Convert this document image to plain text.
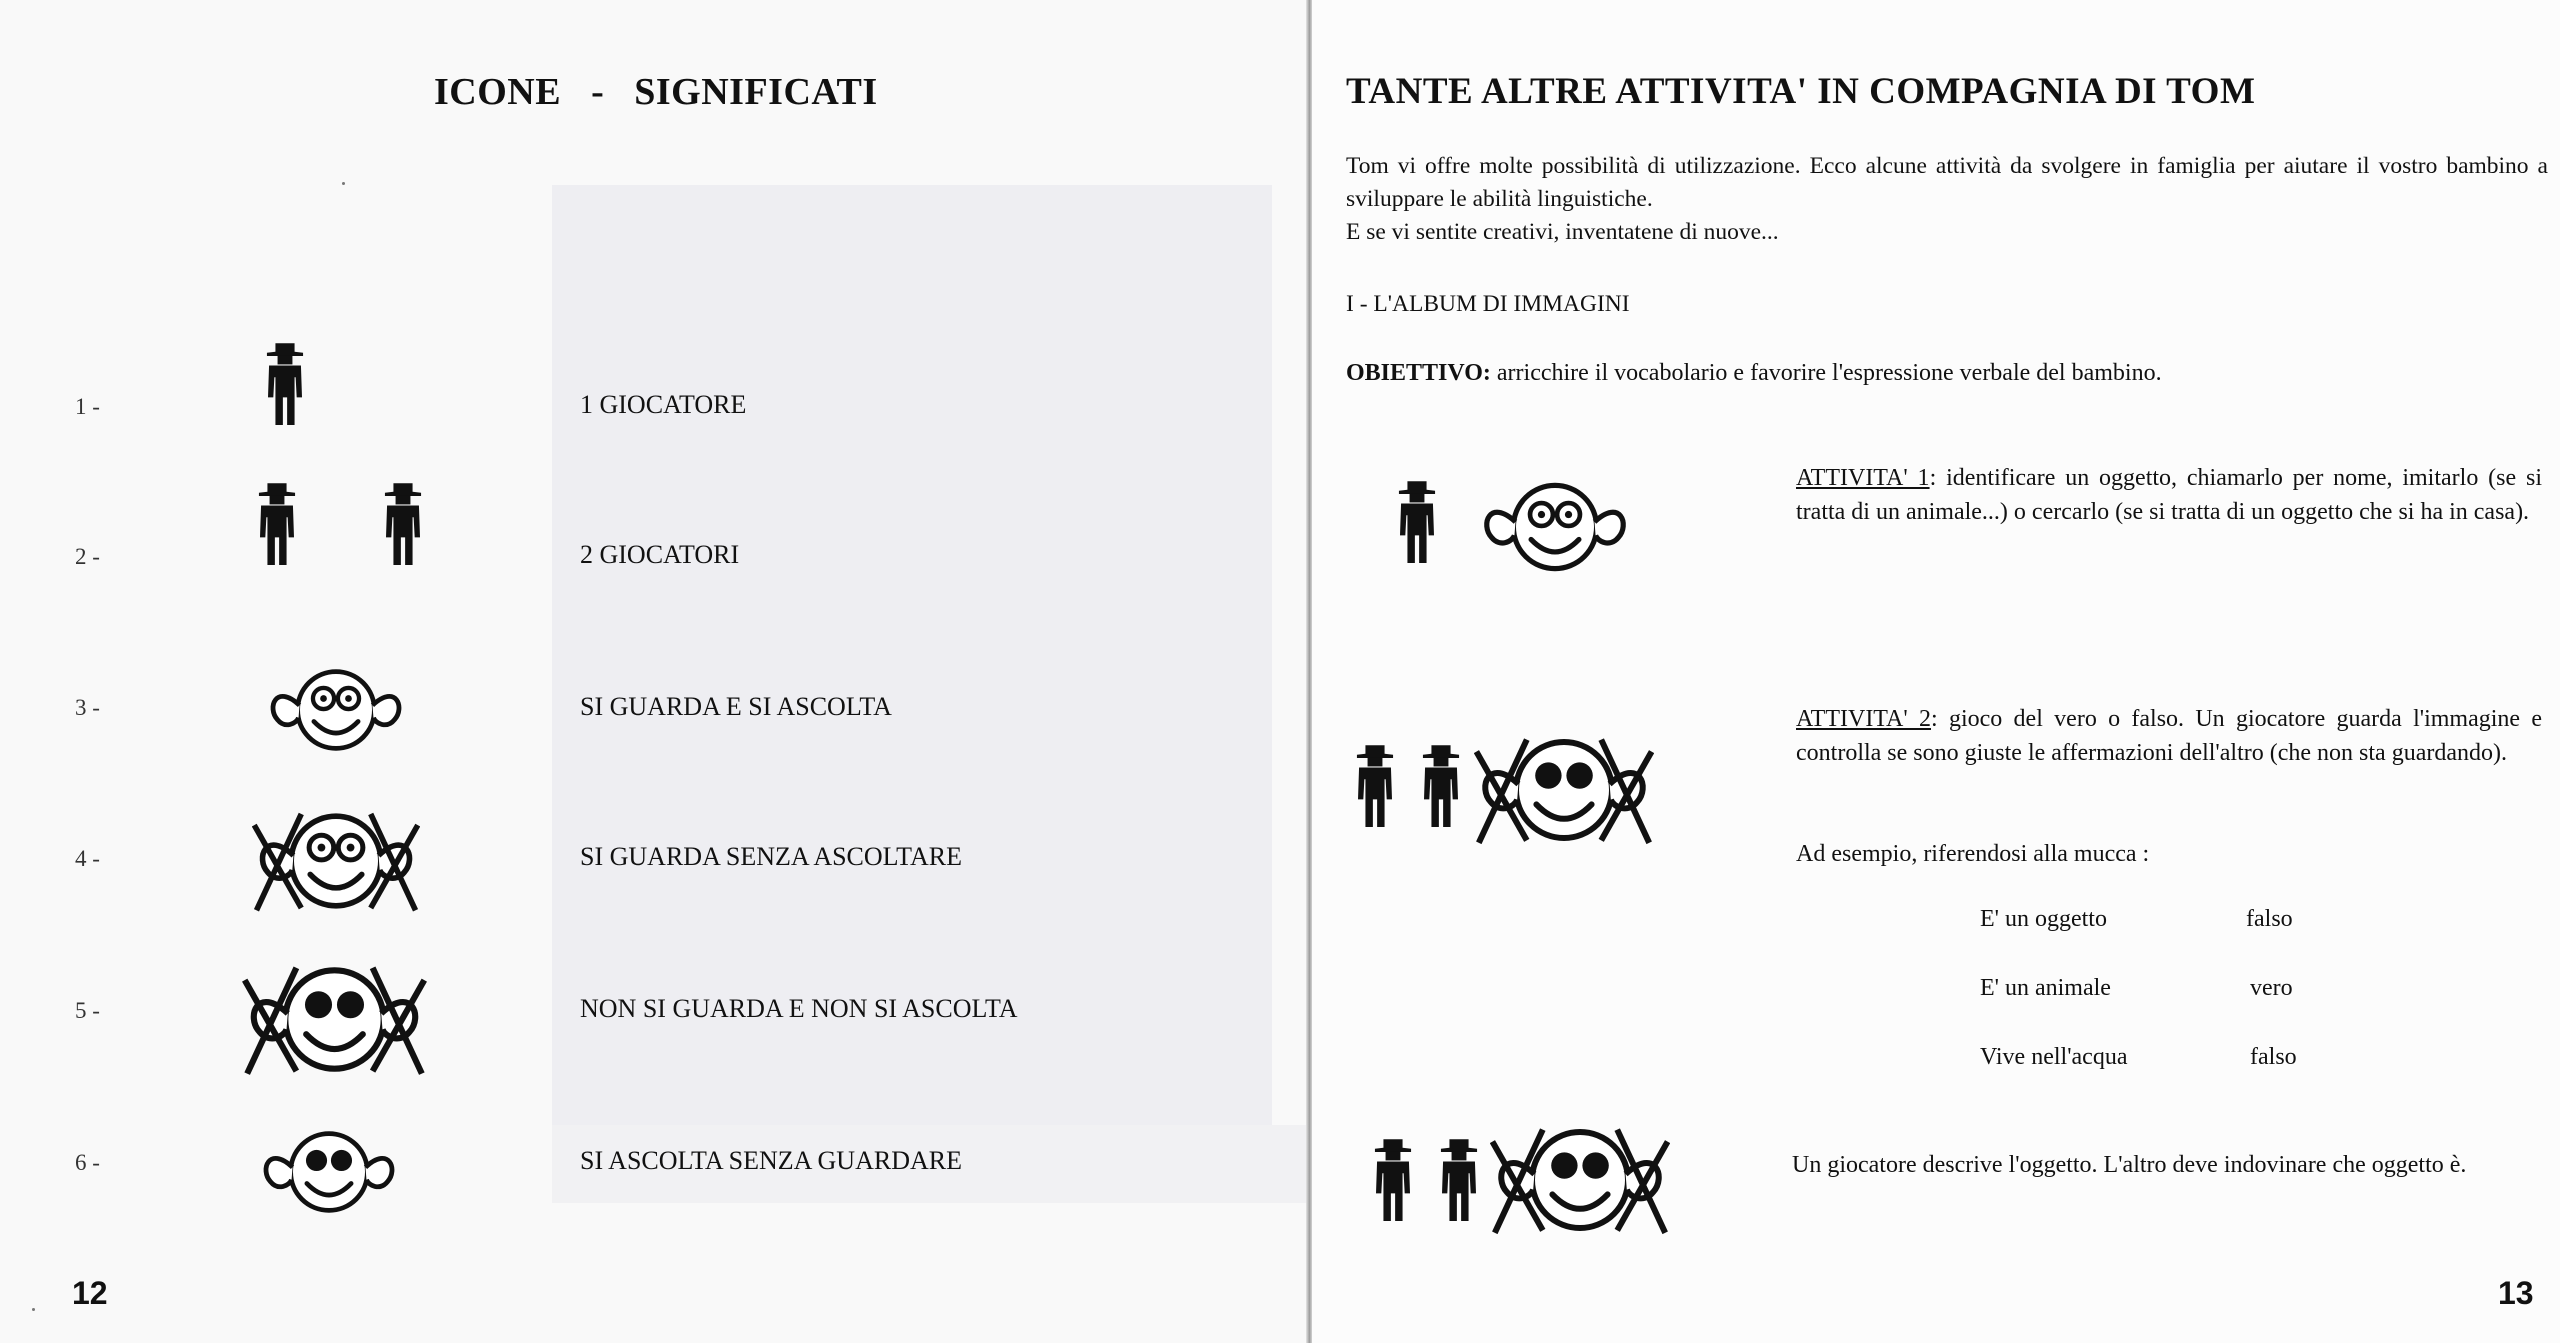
ICONE   -   SIGNIFICATI
1 -	1 GIOCATORE
2 -	2 GIOCATORI
3 -	SI GUARDA E SI ASCOLTA
4 -	SI GUARDA SENZA ASCOLTARE
5 -	NON SI GUARDA E NON SI ASCOLTA
6 -	SI ASCOLTA SENZA GUARDARE
12
TANTE ALTRE ATTIVITA' IN COMPAGNIA DI TOM
Tom vi offre molte possibilità di utilizzazione. Ecco alcune attività da svolgere in famiglia per aiutare il vostro bambino a sviluppare le abilità linguistiche.
E se vi sentite creativi, inventatene di nuove...
I - L'ALBUM DI IMMAGINI
OBIETTIVO: arricchire il vocabolario e favorire l'espressione verbale del bambino.
ATTIVITA' 1: identificare un oggetto, chiamarlo per nome, imitarlo (se si tratta di un animale...) o cercarlo (se si tratta di un oggetto che si ha in casa).
ATTIVITA' 2: gioco del vero o falso. Un giocatore guarda l'immagine e controlla se sono giuste le affermazioni dell'altro (che non sta guardando).
Ad esempio, riferendosi alla mucca :
E' un oggetto	falso
E' un animale	vero
Vive nell'acqua	falso
Un giocatore descrive l'oggetto. L'altro deve indovinare che oggetto è.
13
